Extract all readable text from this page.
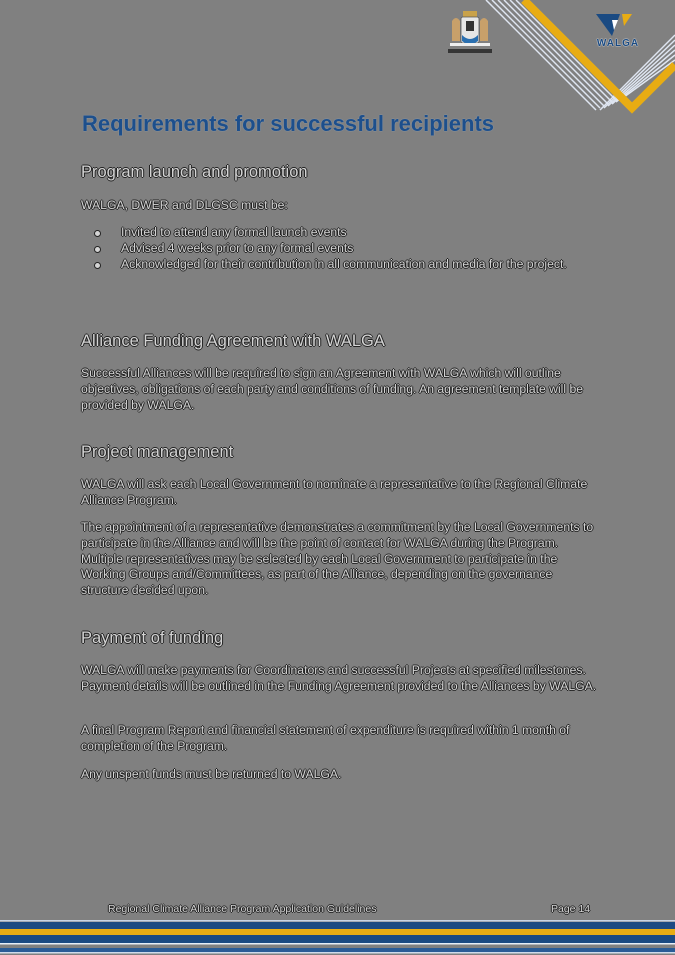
WALGA
Requirements for successful recipients
Program launch and promotion

WALGA, DWER and DLGSC must be:

Invited to attend any formal launch events
Advised 4 weeks prior to any formal events
Acknowledged for their contribution in all communication and media for the project.
Alliance Funding Agreement with WALGA

Successful Alliances will be required to sign an Agreement with WALGA which will outline objectives, obligations of each party and conditions of funding. An agreement template will be provided by WALGA.

Project management

WALGA will ask each Local Government to nominate a representative to the Regional Climate Alliance Program.

The appointment of a representative demonstrates a commitment by the Local Governments to participate in the Alliance and will be the point of contact for WALGA during the Program. Multiple representatives may be selected by each Local Government to participate in the Working Groups and/Committees, as part of the Alliance, depending on the governance structure decided upon.

Payment of funding

WALGA will make payments for Coordinators and successful Projects at specified milestones. Payment details will be outlined in the Funding Agreement provided to the Alliances by WALGA.

A final Program Report and financial statement of expenditure is required within 1 month of completion of the Program.

Any unspent funds must be returned to WALGA.

Regional Climate Alliance Program Application Guidelines	Page 14
